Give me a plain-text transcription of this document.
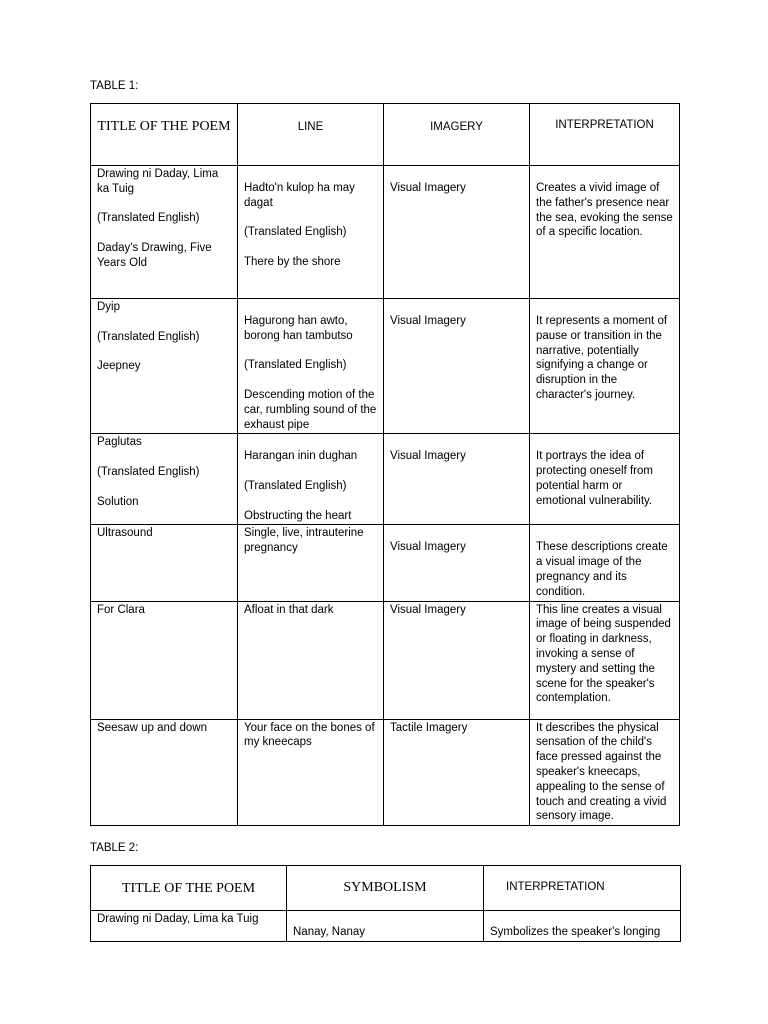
TABLE 1:
TITLE OF THE POEM	LINE	IMAGERY	INTERPRETATION

Drawing ni Daday, Lima ka Tuig

(Translated English)

Daday's Drawing, Five Years Old	Hadto'n kulop ha may dagat

(Translated English)

There by the shore	Visual Imagery	Creates a vivid image of the father's presence near the sea, evoking the sense of a specific location.

Dyip

(Translated English)

Jeepney	Hagurong han awto, borong han tambutso

(Translated English)

Descending motion of the car, rumbling sound of the exhaust pipe	Visual Imagery	It represents a moment of pause or transition in the narrative, potentially signifying a change or disruption in the character's journey.

Paglutas

(Translated English)

Solution	Harangan inin dughan

(Translated English)

Obstructing the heart	Visual Imagery	It portrays the idea of protecting oneself from potential harm or emotional vulnerability.

Ultrasound	Single, live, intrauterine pregnancy	Visual Imagery	These descriptions create a visual image of the pregnancy and its condition.

For Clara	Afloat in that dark	Visual Imagery	This line creates a visual image of being suspended or floating in darkness, invoking a sense of mystery and setting the scene for the speaker's contemplation.

Seesaw up and down	Your face on the bones of my kneecaps	Tactile Imagery	It describes the physical sensation of the child's face pressed against the speaker's kneecaps, appealing to the sense of touch and creating a vivid sensory image.
TABLE 2:
TITLE OF THE POEM	SYMBOLISM	INTERPRETATION

Drawing ni Daday, Lima ka Tuig	Nanay, Nanay	Symbolizes the speaker's longing
